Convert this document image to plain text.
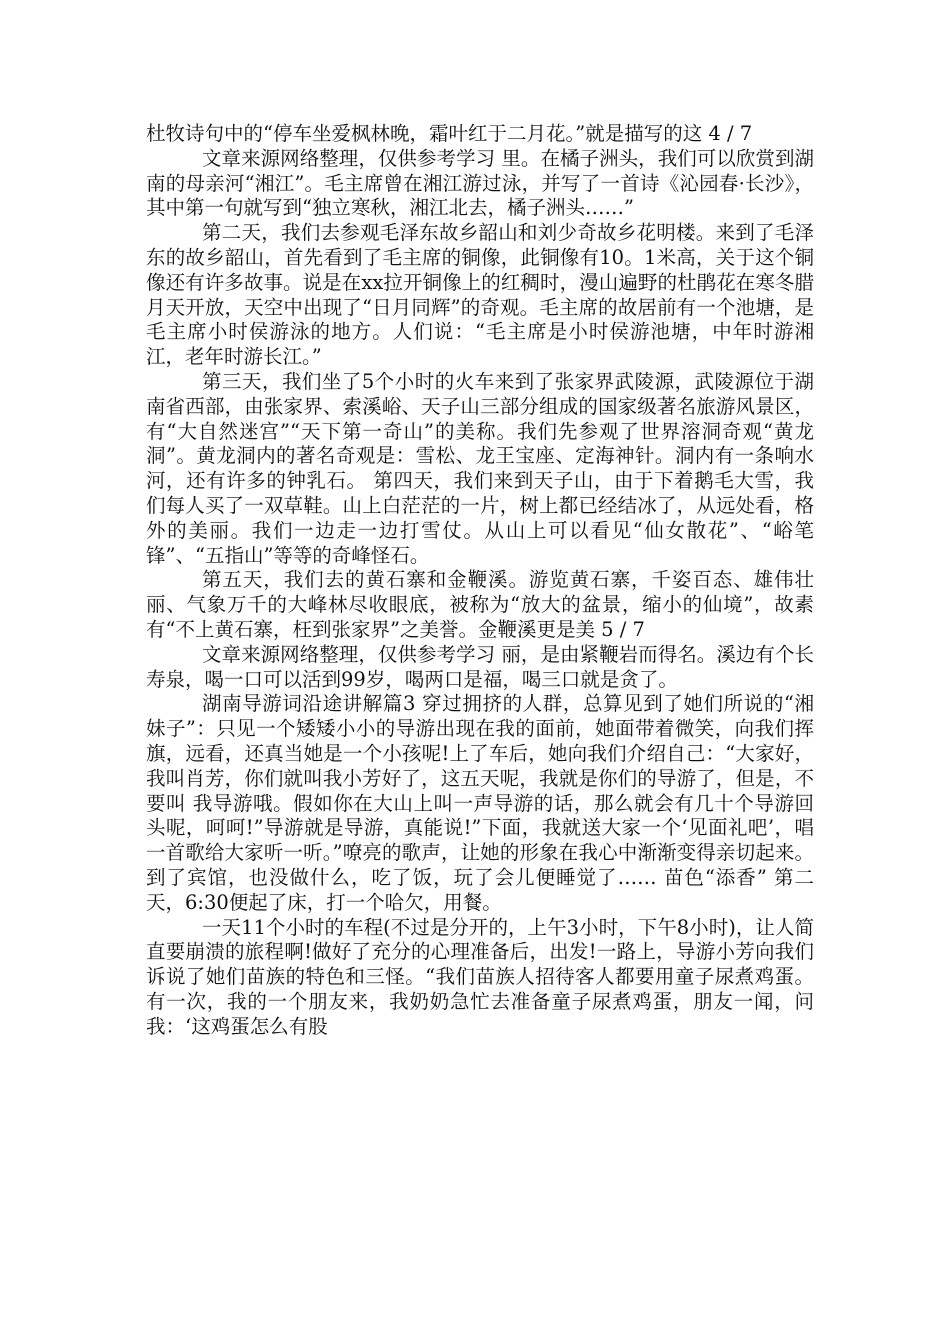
杜牧诗句中的“停车坐爱枫林晚，霜叶红于二月花。”就是描写的这 4 / 7

文章来源网络整理，仅供参考学习 里。在橘子洲头，我们可以欣赏到湖南的母亲河“湘江”。毛主席曾在湘江游过泳，并写了一首诗《沁园春·长沙》，其中第一句就写到“独立寒秋，湘江北去，橘子洲头……”

第二天，我们去参观毛泽东故乡韶山和刘少奇故乡花明楼。来到了毛泽东的故乡韶山，首先看到了毛主席的铜像，此铜像有10。1米高，关于这个铜像还有许多故事。说是在xx拉开铜像上的红稠时，漫山遍野的杜鹃花在寒冬腊月天开放，天空中出现了“日月同辉”的奇观。毛主席的故居前有一个池塘，是毛主席小时侯游泳的地方。人们说：“毛主席是小时侯游池塘，中年时游湘江，老年时游长江。”

第三天，我们坐了5个小时的火车来到了张家界武陵源，武陵源位于湖南省西部，由张家界、索溪峪、天子山三部分组成的国家级著名旅游风景区，有“大自然迷宫”“天下第一奇山”的美称。我们先参观了世界溶洞奇观“黄龙洞”。黄龙洞内的著名奇观是：雪松、龙王宝座、定海神针。洞内有一条响水河，还有许多的钟乳石。 第四天，我们来到天子山，由于下着鹅毛大雪，我们每人买了一双草鞋。山上白茫茫的一片，树上都已经结冰了，从远处看，格外的美丽。我们一边走一边打雪仗。从山上可以看见“仙女散花”、“峪笔锋”、“五指山”等等的奇峰怪石。

第五天，我们去的黄石寨和金鞭溪。游览黄石寨，千姿百态、雄伟壮丽、气象万千的大峰林尽收眼底，被称为“放大的盆景，缩小的仙境”，故素有“不上黄石寨，枉到张家界”之美誉。金鞭溪更是美 5 / 7

文章来源网络整理，仅供参考学习 丽，是由紧鞭岩而得名。溪边有个长寿泉，喝一口可以活到99岁，喝两口是福，喝三口就是贪了。

湖南导游词沿途讲解篇3 穿过拥挤的人群，总算见到了她们所说的“湘妹子”：只见一个矮矮小小的导游出现在我的面前，她面带着微笑，向我们挥旗，远看，还真当她是一个小孩呢!上了车后，她向我们介绍自己：“大家好，我叫肖芳，你们就叫我小芳好了，这五天呢，我就是你们的导游了，但是，不要叫 我导游哦。假如你在大山上叫一声导游的话，那么就会有几十个导游回头呢，呵呵!”导游就是导游，真能说!”下面，我就送大家一个‘见面礼吧’，唱一首歌给大家听一听。”嘹亮的歌声，让她的形象在我心中渐渐变得亲切起来。到了宾馆，也没做什么，吃了饭，玩了会儿便睡觉了…… 苗色“添香” 第二天，6:30便起了床，打一个哈欠，用餐。

一天11个小时的车程(不过是分开的，上午3小时，下午8小时)，让人简直要崩溃的旅程啊!做好了充分的心理准备后，出发!一路上，导游小芳向我们诉说了她们苗族的特色和三怪。“我们苗族人招待客人都要用童子尿煮鸡蛋。有一次，我的一个朋友来，我奶奶急忙去准备童子尿煮鸡蛋，朋友一闻，问我：‘这鸡蛋怎么有股
